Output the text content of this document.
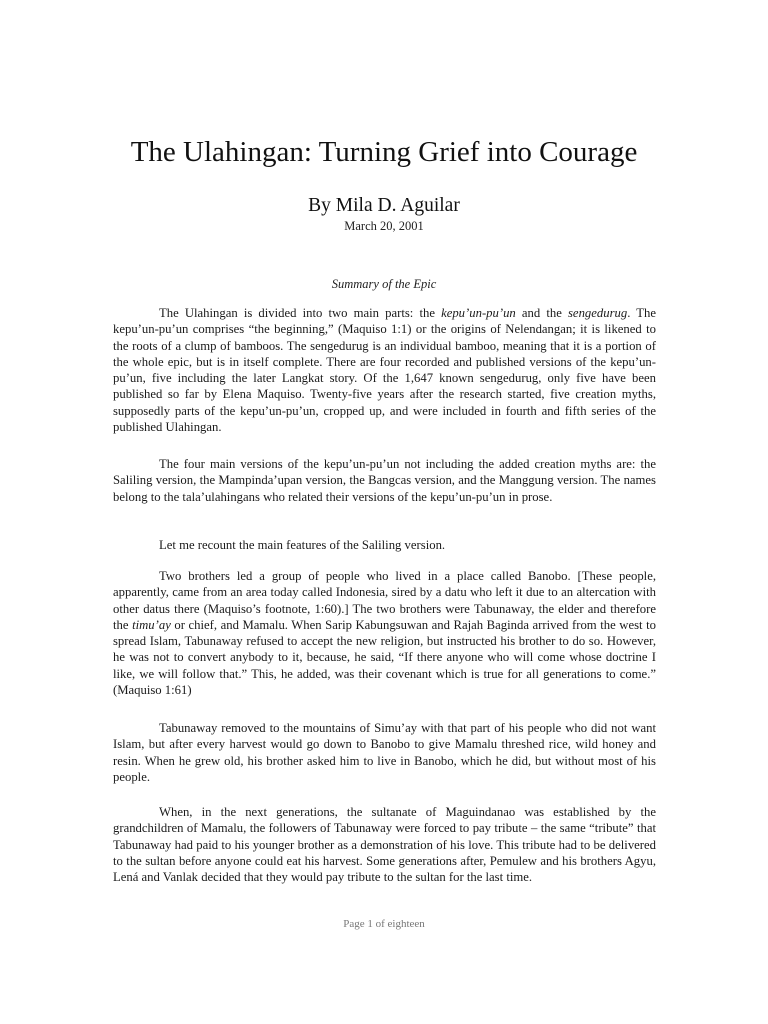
The Ulahingan: Turning Grief into Courage
By Mila D. Aguilar
March 20, 2001
Summary of the Epic

The Ulahingan is divided into two main parts: the kepu’un-pu’un and the sengedurug. The kepu’un-pu’un comprises “the beginning,” (Maquiso 1:1) or the origins of Nelendangan; it is likened to the roots of a clump of bamboos. The sengedurug is an individual bamboo, meaning that it is a portion of the whole epic, but is in itself complete. There are four recorded and published versions of the kepu’un-pu’un, five including the later Langkat story. Of the 1,647 known sengedurug, only five have been published so far by Elena Maquiso. Twenty-five years after the research started, five creation myths, supposedly parts of the kepu’un-pu’un, cropped up, and were included in fourth and fifth series of the published Ulahingan.

The four main versions of the kepu’un-pu’un not including the added creation myths are: the Saliling version, the Mampinda’upan version, the Bangcas version, and the Manggung version. The names belong to the tala’ulahingans who related their versions of the kepu’un-pu’un in prose.

Let me recount the main features of the Saliling version.

Two brothers led a group of people who lived in a place called Banobo. [These people, apparently, came from an area today called Indonesia, sired by a datu who left it due to an altercation with other datus there (Maquiso’s footnote, 1:60).] The two brothers were Tabunaway, the elder and therefore the timu’ay or chief, and Mamalu. When Sarip Kabungsuwan and Rajah Baginda arrived from the west to spread Islam, Tabunaway refused to accept the new religion, but instructed his brother to do so. However, he was not to convert anybody to it, because, he said, “If there anyone who will come whose doctrine I like, we will follow that.” This, he added, was their covenant which is true for all generations to come.” (Maquiso 1:61)

Tabunaway removed to the mountains of Simu’ay with that part of his people who did not want Islam, but after every harvest would go down to Banobo to give Mamalu threshed rice, wild honey and resin. When he grew old, his brother asked him to live in Banobo, which he did, but without most of his people.

When, in the next generations, the sultanate of Maguindanao was established by the grandchildren of Mamalu, the followers of Tabunaway were forced to pay tribute – the same “tribute” that Tabunaway had paid to his younger brother as a demonstration of his love. This tribute had to be delivered to the sultan before anyone could eat his harvest. Some generations after, Pemulew and his brothers Agyu, Lená and Vanlak decided that they would pay tribute to the sultan for the last time.

Page 1 of eighteen
